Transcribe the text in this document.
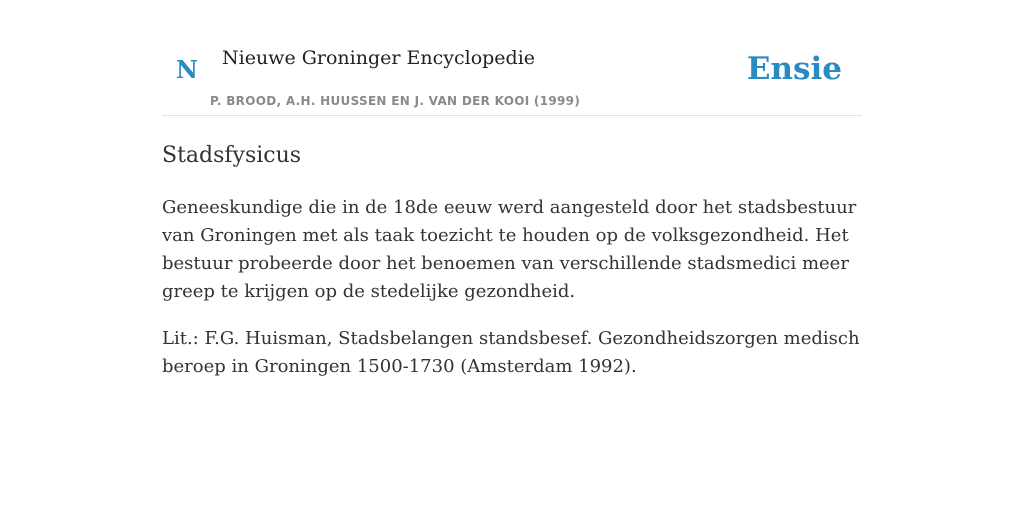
N Nieuwe Groninger Encyclopedie
P. BROOD, A.H. HUUSSEN EN J. VAN DER KOOI (1999)
Ensie
Stadsfysicus

Geneeskundige die in de 18de eeuw werd aangesteld door het stadsbestuur van Groningen met als taak toezicht te houden op de volksgezondheid. Het bestuur probeerde door het benoemen van verschillende stadsmedici meer greep te krijgen op de stedelijke gezondheid.

Lit.: F.G. Huisman, Stadsbelangen standsbesef. Gezondheidszorgen medisch beroep in Groningen 1500-1730 (Amsterdam 1992).
